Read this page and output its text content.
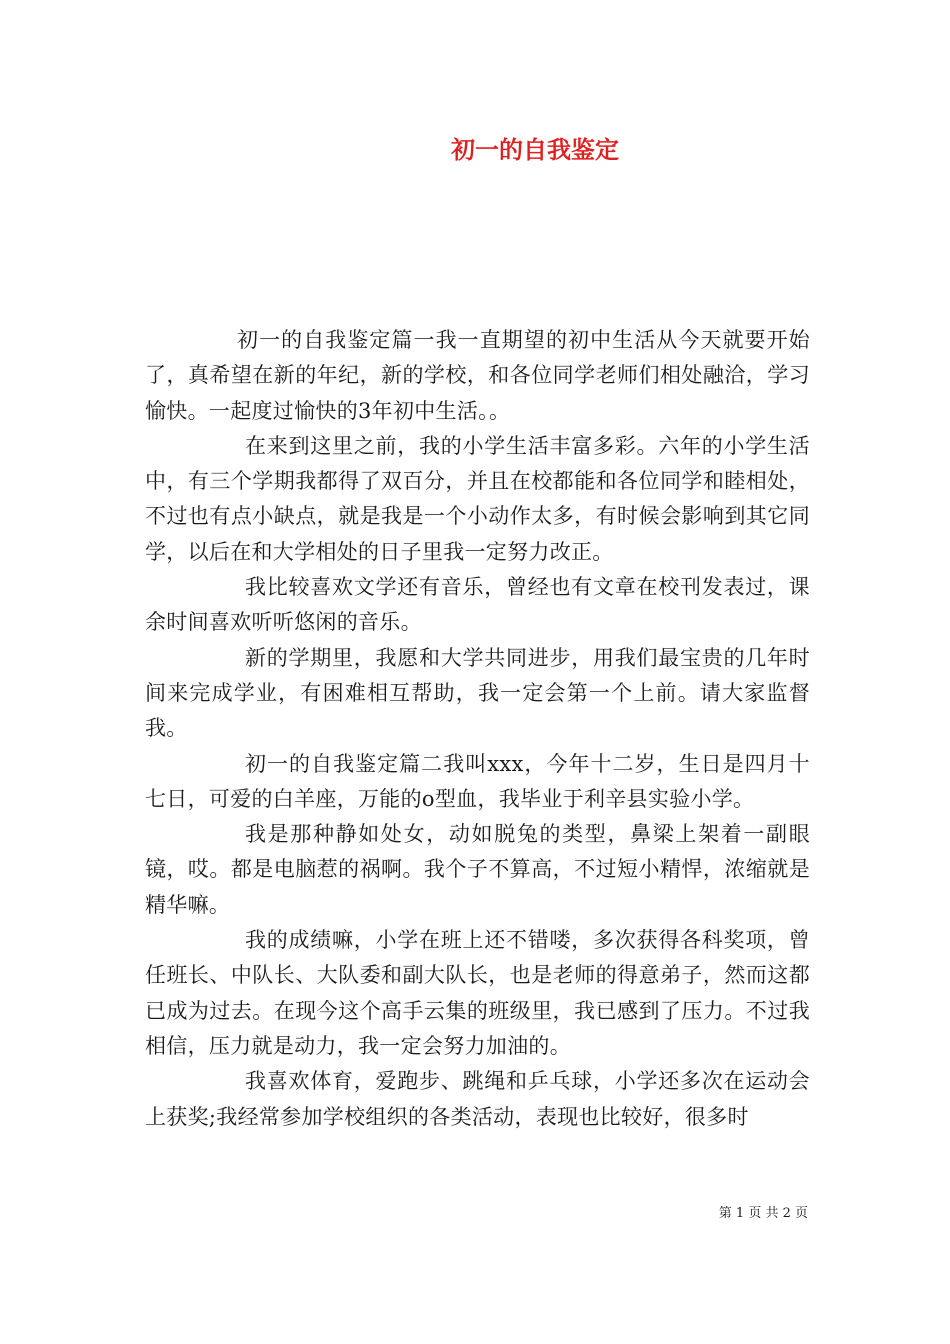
初一的自我鉴定

初一的自我鉴定篇一我一直期望的初中生活从今天就要开始了，真希望在新的年纪，新的学校，和各位同学老师们相处融洽，学习愉快。一起度过愉快的3年初中生活。。

在来到这里之前，我的小学生活丰富多彩。六年的小学生活中，有三个学期我都得了双百分，并且在校都能和各位同学和睦相处，不过也有点小缺点，就是我是一个小动作太多，有时候会影响到其它同学，以后在和大学相处的日子里我一定努力改正。

我比较喜欢文学还有音乐，曾经也有文章在校刊发表过，课余时间喜欢听听悠闲的音乐。

新的学期里，我愿和大学共同进步，用我们最宝贵的几年时间来完成学业，有困难相互帮助，我一定会第一个上前。请大家监督我。

初一的自我鉴定篇二我叫xxx，今年十二岁，生日是四月十七日，可爱的白羊座，万能的o型血，我毕业于利辛县实验小学。

我是那种静如处女，动如脱兔的类型，鼻梁上架着一副眼镜，哎。都是电脑惹的祸啊。我个子不算高，不过短小精悍，浓缩就是精华嘛。

我的成绩嘛，小学在班上还不错喽，多次获得各科奖项，曾任班长、中队长、大队委和副大队长，也是老师的得意弟子，然而这都已成为过去。在现今这个高手云集的班级里，我已感到了压力。不过我相信，压力就是动力，我一定会努力加油的。

我喜欢体育，爱跑步、跳绳和乒乓球，小学还多次在运动会上获奖;我经常参加学校组织的各类活动，表现也比较好，很多时

第 1 页 共 2 页
